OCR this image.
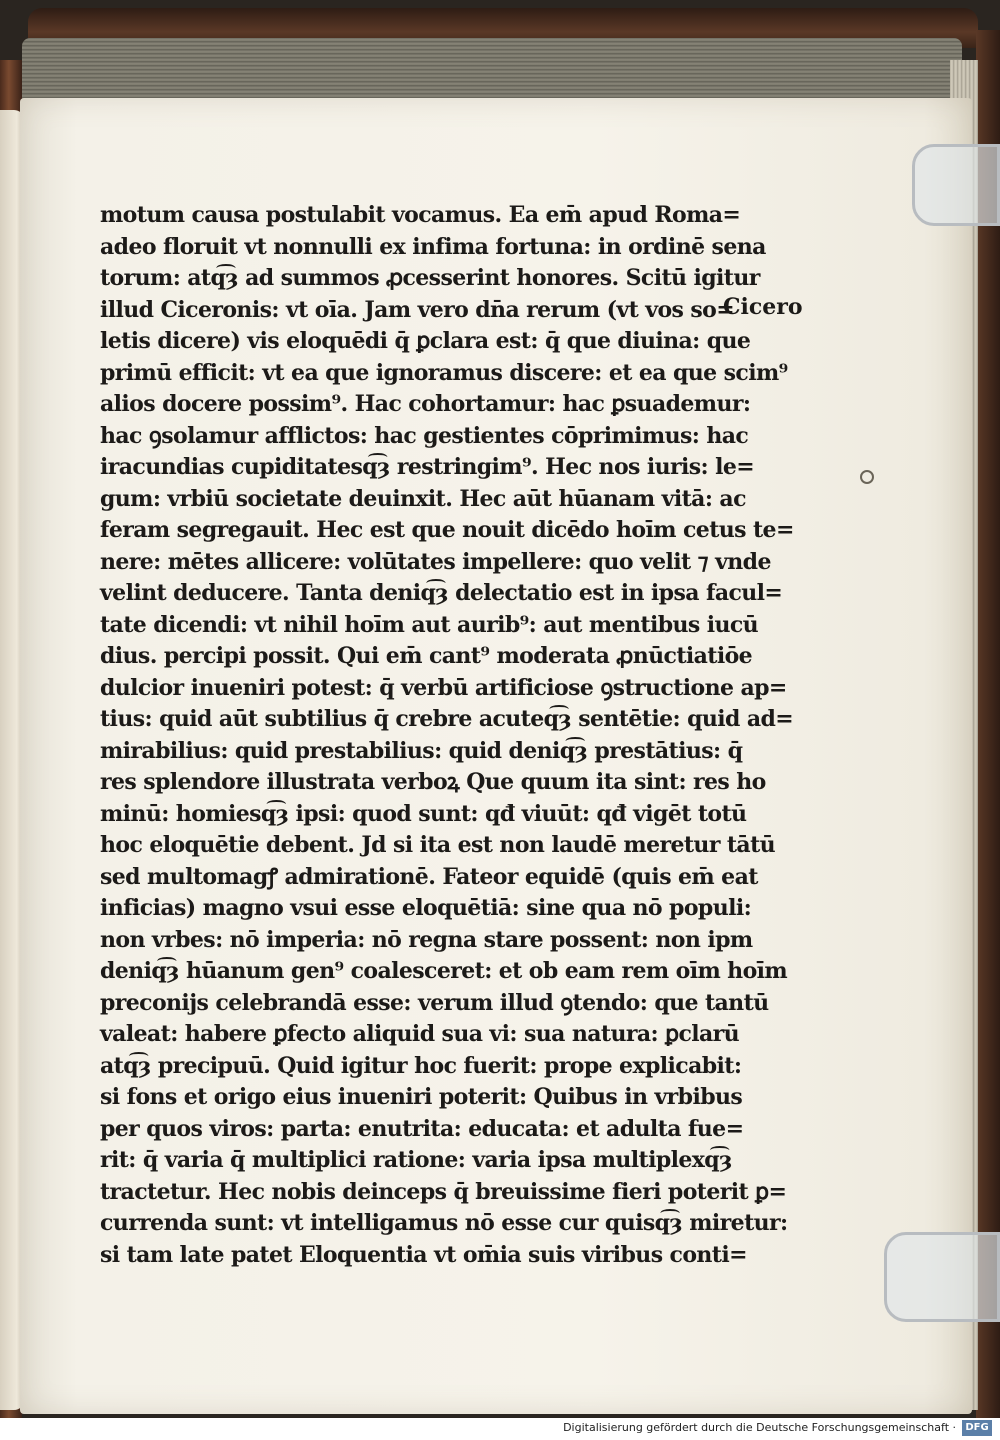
motum causa postulabit vocamus. Ea em̄ apud Roma=
adeo floruit vt nonnulli ex infima fortuna: in ordinē sena
torum: atq͡ȝ ad summos ꝓcesserint honores. Scitū igitur
illud Ciceronis: vt oīa. Jam vero dn̄a rerum (vt vos so=
letis dicere) vis eloquēdi q̄ ꝑclara est: q̄ que diuina: que
primū efficit: vt ea que ignoramus discere: et ea que scim⁹
alios docere possim⁹. Hac cohortamur: hac ꝑsuademur:
hac ꝯsolamur afflictos: hac gestientes cōprimimus: hac
iracundias cupiditatesq͡ȝ restringim⁹. Hec nos iuris: le=
gum: vrbiū societate deuinxit. Hec aūt hūanam vitā: ac
feram segregauit. Hec est que nouit dicēdo hoīm cetus te=
nere: mētes allicere: volūtates impellere: quo velit ⁊ vnde
velint deducere. Tanta deniq͡ȝ delectatio est in ipsa facul=
tate dicendi: vt nihil hoīm aut aurib⁹: aut mentibus iucū
dius. percipi possit. Qui em̄ cant⁹ moderata ꝓnūctiatiōe
dulcior inueniri potest: q̄ verbū artificiose ꝯstructione ap=
tius: quid aūt subtilius q̄ crebre acuteq͡ȝ sentētie: quid ad=
mirabilius: quid prestabilius: quid deniq͡ȝ prestātius: q̄
res splendore illustrata verboꝝ Que quum ita sint: res ho
minū: homiesq͡ȝ ipsi: quod sunt: qđ viuūt: qđ vigēt totū
hoc eloquētie debent. Jd si ita est non laudē meretur tātū
sed multomagꝭ admirationē. Fateor equidē (quis em̄ eat
inficias) magno vsui esse eloquētiā: sine qua nō populi:
non vrbes: nō imperia: nō regna stare possent: non ipm
deniq͡ȝ hūanum gen⁹ coalesceret: et ob eam rem oīm hoīm
preconijs celebrandā esse: verum illud ꝯtendo: que tantū
valeat: habere ꝑfecto aliquid sua vi: sua natura: ꝑclarū
atq͡ȝ precipuū. Quid igitur hoc fuerit: prope explicabit:
si fons et origo eius inueniri poterit: Quibus in vrbibus
per quos viros: parta: enutrita: educata: et adulta fue=
rit: q̄ varia q̄ multiplici ratione: varia ipsa multiplexq͡ȝ
tractetur. Hec nobis deinceps q̄ breuissime fieri poterit ꝑ=
currenda sunt: vt intelligamus nō esse cur quisq͡ȝ miretur:
si tam late patet Eloquentia vt om̄ia suis viribus conti=
Cicero
Digitalisierung gefördert durch die Deutsche Forschungsgemeinschaft · DFG
